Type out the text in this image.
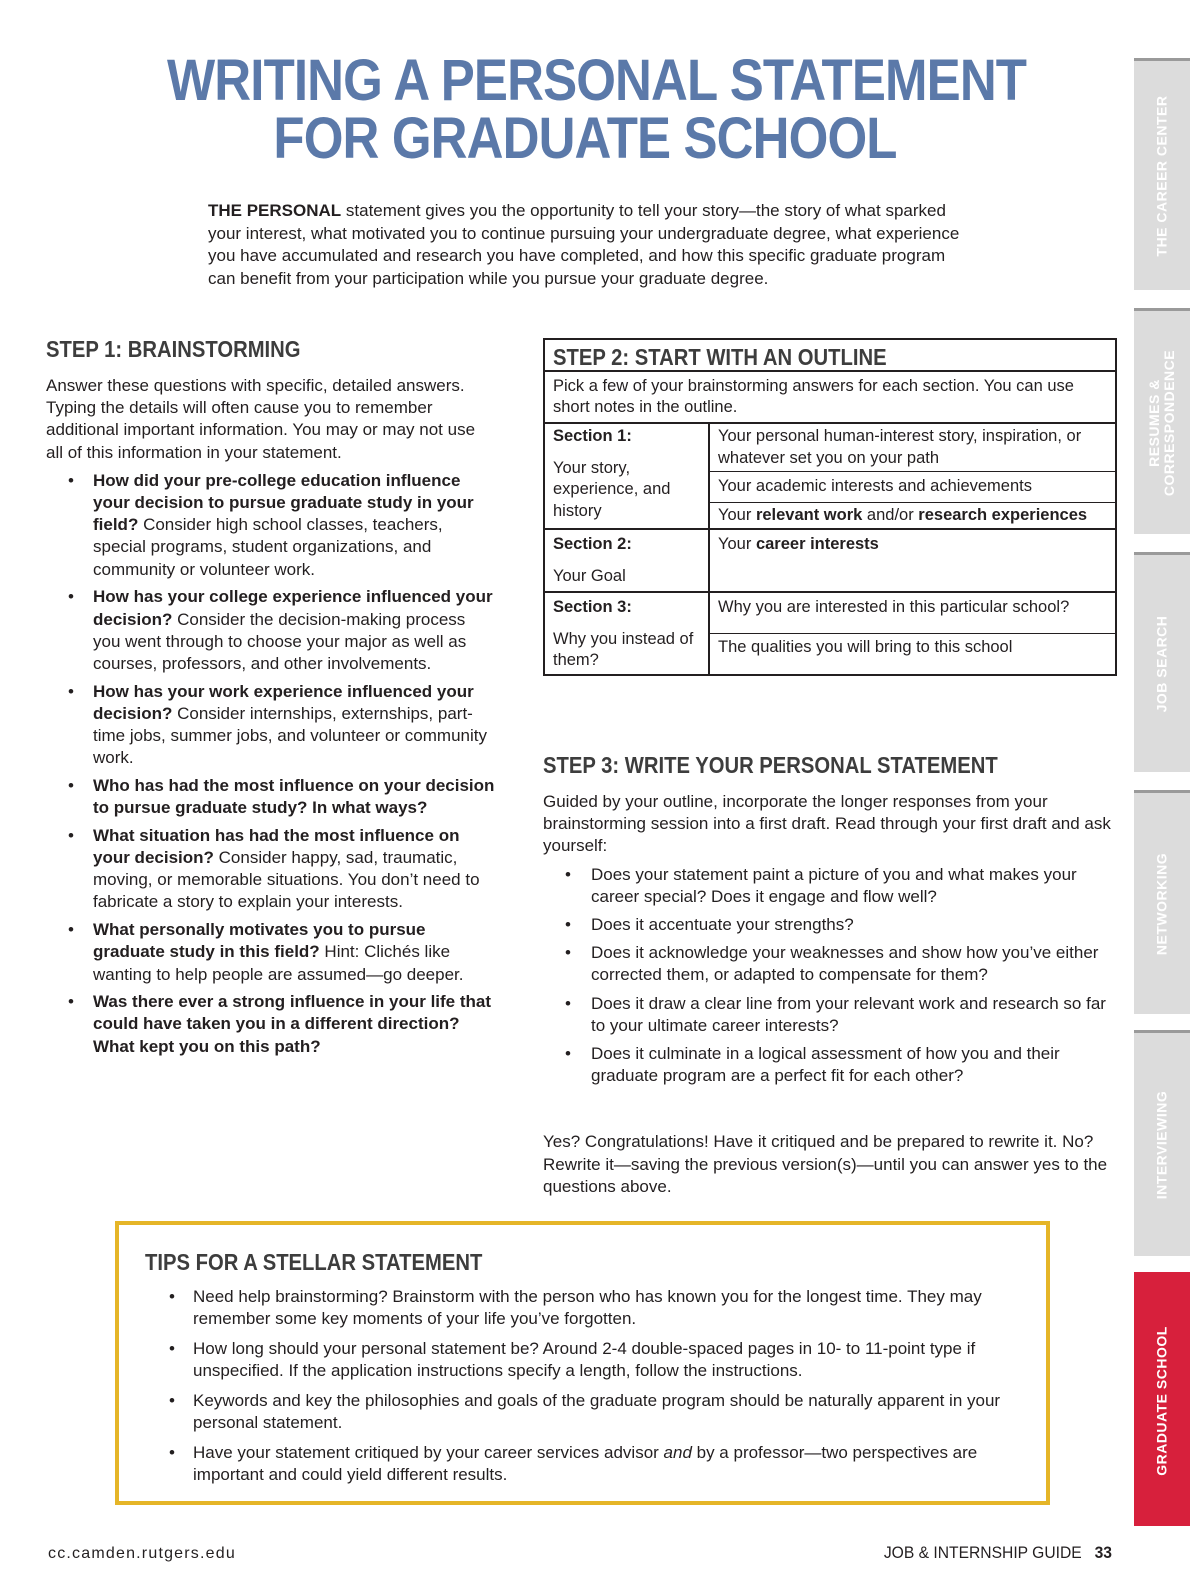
WRITING A PERSONAL STATEMENT
FOR GRADUATE SCHOOL
THE PERSONAL statement gives you the opportunity to tell your story—the story of what sparked your interest, what motivated you to continue pursuing your undergraduate degree, what experience you have accumulated and research you have completed, and how this specific graduate program can benefit from your participation while you pursue your graduate degree.
STEP 1: BRAINSTORMING

Answer these questions with specific, detailed answers. Typing the details will often cause you to remember additional important information. You may or may not use all of this information in your statement.

• How did your pre-college education influence your decision to pursue graduate study in your field? Consider high school classes, teachers, special programs, student organizations, and community or volunteer work.
• How has your college experience influenced your decision? Consider the decision-making process you went through to choose your major as well as courses, professors, and other involvements.
• How has your work experience influenced your decision? Consider internships, externships, part-time jobs, summer jobs, and volunteer or community work.
• Who has had the most influence on your decision to pursue graduate study? In what ways?
• What situation has had the most influence on your decision? Consider happy, sad, traumatic, moving, or memorable situations. You don’t need to fabricate a story to explain your interests.
• What personally motivates you to pursue graduate study in this field? Hint: Clichés like wanting to help people are assumed—go deeper.
• Was there ever a strong influence in your life that could have taken you in a different direction? What kept you on this path?
STEP 2: START WITH AN OUTLINE
Pick a few of your brainstorming answers for each section. You can use short notes in the outline.
Section 1:
Your story, experience, and history	Your personal human-interest story, inspiration, or whatever set you on your path
	Your academic interests and achievements
	Your relevant work and/or research experiences

Section 2:
Your Goal	Your career interests

Section 3:
Why you instead of them?	Why you are interested in this particular school?
	The qualities you will bring to this school
STEP 3: WRITE YOUR PERSONAL STATEMENT

Guided by your outline, incorporate the longer responses from your brainstorming session into a first draft. Read through your first draft and ask yourself:

• Does your statement paint a picture of you and what makes your career special? Does it engage and flow well?
• Does it accentuate your strengths?
• Does it acknowledge your weaknesses and show how you’ve either corrected them, or adapted to compensate for them?
• Does it draw a clear line from your relevant work and research so far to your ultimate career interests?
• Does it culminate in a logical assessment of how you and their graduate program are a perfect fit for each other?

Yes? Congratulations! Have it critiqued and be prepared to rewrite it. No? Rewrite it—saving the previous version(s)—until you can answer yes to the questions above.

TIPS FOR A STELLAR STATEMENT
• Need help brainstorming? Brainstorm with the person who has known you for the longest time. They may remember some key moments of your life you’ve forgotten.
• How long should your personal statement be? Around 2-4 double-spaced pages in 10- to 11-point type if unspecified. If the application instructions specify a length, follow the instructions.
• Keywords and key the philosophies and goals of the graduate program should be naturally apparent in your personal statement.
• Have your statement critiqued by your career services advisor and by a professor—two perspectives are important and could yield different results.
cc.camden.rutgers.edu	JOB & INTERNSHIP GUIDE 33
THE CAREER CENTER
RESUMES & CORRESPONDENCE
JOB SEARCH
NETWORKING
INTERVIEWING
GRADUATE SCHOOL
